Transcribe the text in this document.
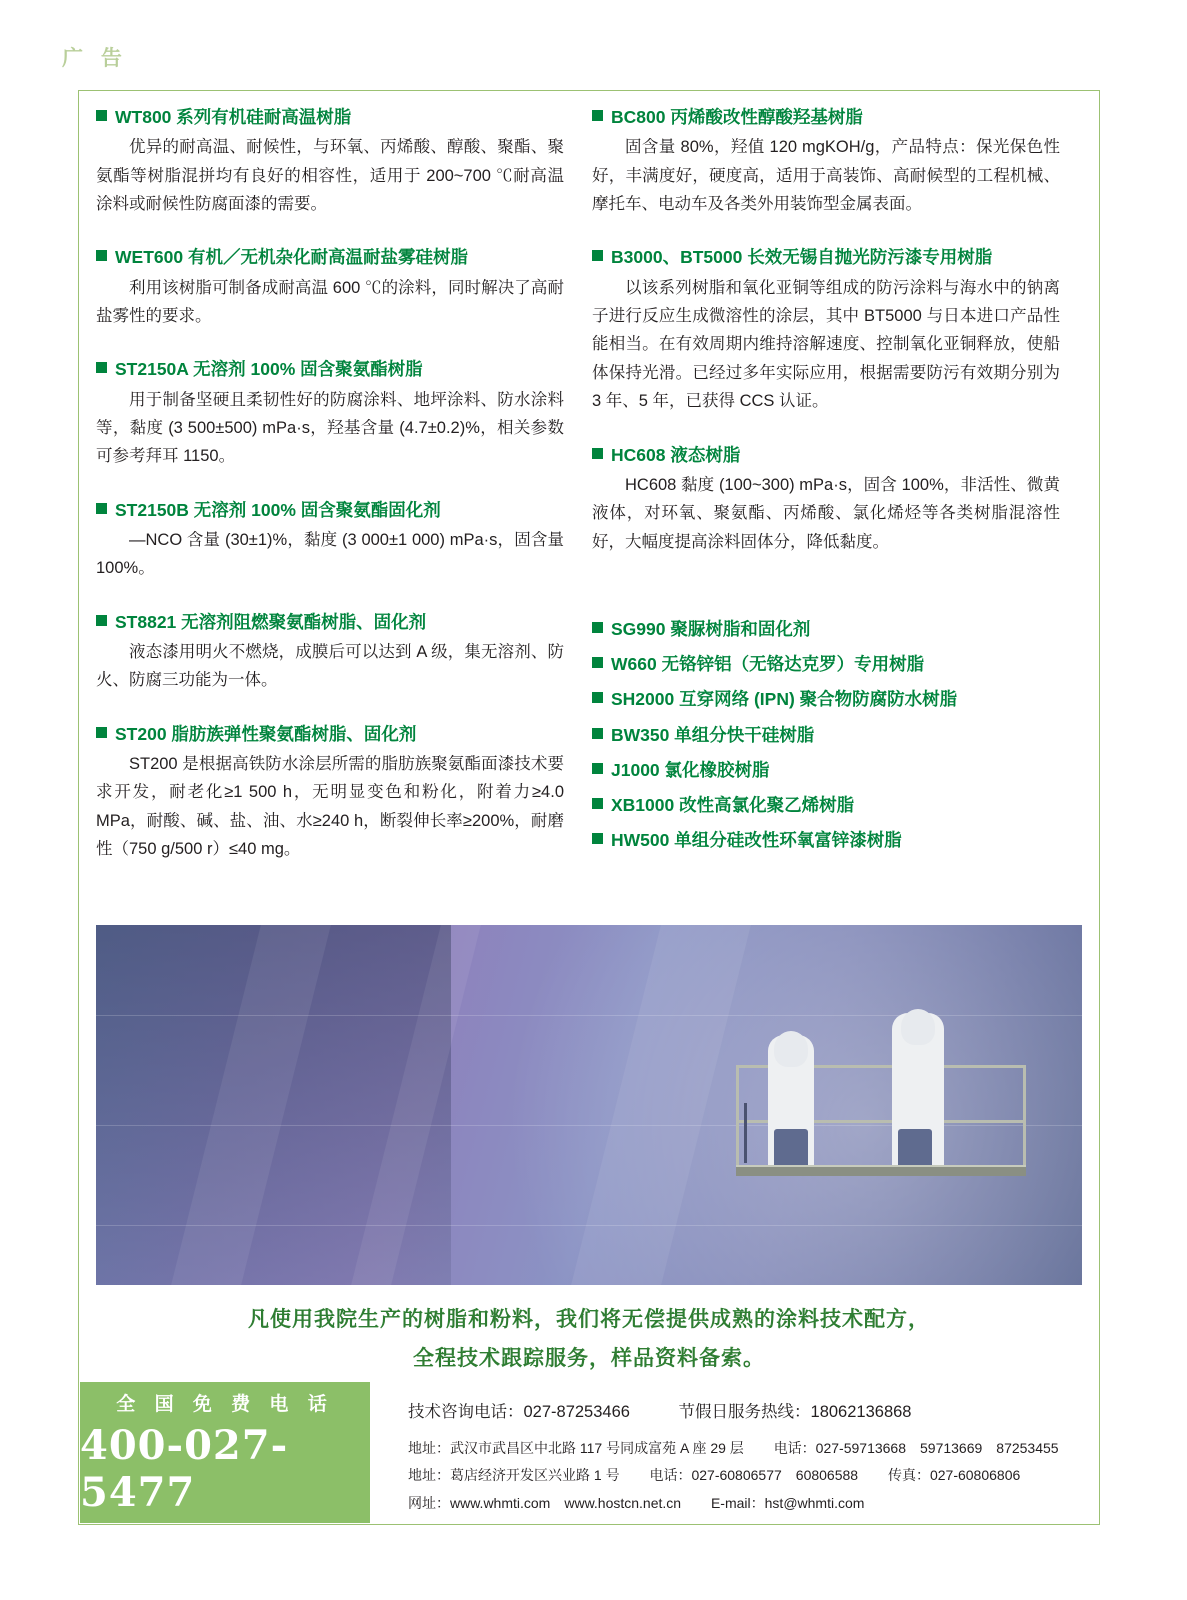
广 告
WT800 系列有机硅耐高温树脂
优异的耐高温、耐候性，与环氧、丙烯酸、醇酸、聚酯、聚氨酯等树脂混拼均有良好的相容性，适用于 200~700 ℃耐高温涂料或耐候性防腐面漆的需要。
WET600 有机／无机杂化耐高温耐盐雾硅树脂
利用该树脂可制备成耐高温 600 ℃的涂料，同时解决了高耐盐雾性的要求。
ST2150A 无溶剂 100% 固含聚氨酯树脂
用于制备坚硬且柔韧性好的防腐涂料、地坪涂料、防水涂料等，黏度 (3 500±500) mPa·s，羟基含量 (4.7±0.2)%，相关参数可参考拜耳 1150。
ST2150B 无溶剂 100% 固含聚氨酯固化剂
—NCO 含量 (30±1)%，黏度 (3 000±1 000) mPa·s，固含量 100%。
ST8821 无溶剂阻燃聚氨酯树脂、固化剂
液态漆用明火不燃烧，成膜后可以达到 A 级，集无溶剂、防火、防腐三功能为一体。
ST200 脂肪族弹性聚氨酯树脂、固化剂
ST200 是根据高铁防水涂层所需的脂肪族聚氨酯面漆技术要求开发，耐老化≥1 500 h，无明显变色和粉化，附着力≥4.0 MPa，耐酸、碱、盐、油、水≥240 h，断裂伸长率≥200%，耐磨性（750 g/500 r）≤40 mg。
BC800 丙烯酸改性醇酸羟基树脂
固含量 80%，羟值 120 mgKOH/g，产品特点：保光保色性好，丰满度好，硬度高，适用于高装饰、高耐候型的工程机械、摩托车、电动车及各类外用装饰型金属表面。
B3000、BT5000 长效无锡自抛光防污漆专用树脂
以该系列树脂和氧化亚铜等组成的防污涂料与海水中的钠离子进行反应生成微溶性的涂层，其中 BT5000 与日本进口产品性能相当。在有效周期内维持溶解速度、控制氧化亚铜释放，使船体保持光滑。已经过多年实际应用，根据需要防污有效期分别为 3 年、5 年，已获得 CCS 认证。
HC608 液态树脂
HC608 黏度 (100~300) mPa·s，固含 100%，非活性、微黄液体，对环氧、聚氨酯、丙烯酸、氯化烯烃等各类树脂混溶性好，大幅度提高涂料固体分，降低黏度。
SG990 聚脲树脂和固化剂
W660 无铬锌铝（无铬达克罗）专用树脂
SH2000 互穿网络 (IPN) 聚合物防腐防水树脂
BW350 单组分快干硅树脂
J1000 氯化橡胶树脂
XB1000 改性高氯化聚乙烯树脂
HW500 单组分硅改性环氧富锌漆树脂
凡使用我院生产的树脂和粉料，我们将无偿提供成熟的涂料技术配方，
全程技术跟踪服务，样品资料备索。
全 国 免 费 电 话
400-027-5477
技术咨询电话：027-87253466	节假日服务热线：18062136868
地址：武汉市武昌区中北路 117 号同成富苑 A 座 29 层 电话：027-59713668　59713669　87253455
地址：葛店经济开发区兴业路 1 号 电话：027-60806577　60806588 传真：027-60806806
网址：www.whmti.com　www.hostcn.net.cn E-mail：hst@whmti.com
